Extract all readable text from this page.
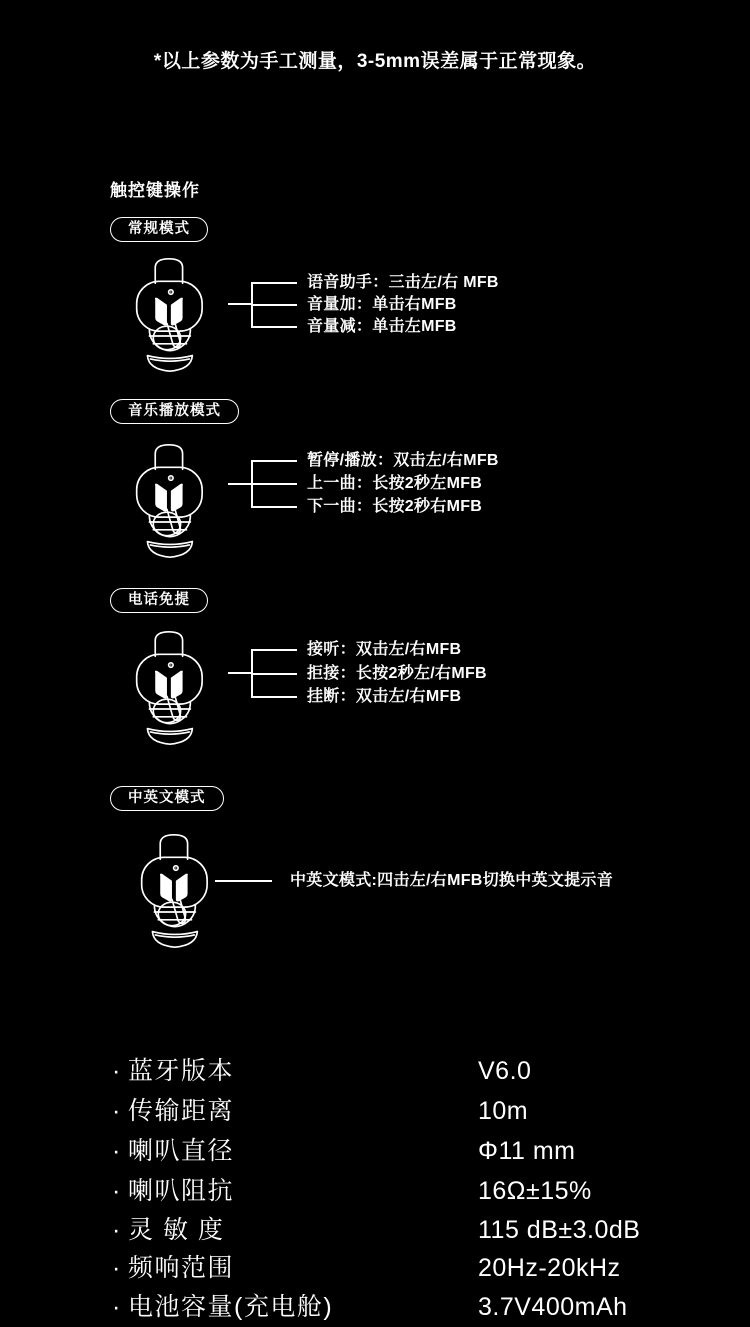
*以上参数为手工测量，3-5mm误差属于正常现象。
触控键操作
常规模式
语音助手：三击左/右 MFB
音量加：单击右MFB
音量减：单击左MFB
音乐播放模式
暂停/播放：双击左/右MFB
上一曲：长按2秒左MFB
下一曲：长按2秒右MFB
电话免提
接听：双击左/右MFB
拒接：长按2秒左/右MFB
挂断：双击左/右MFB
中英文模式
中英文模式:四击左/右MFB切换中英文提示音
· 蓝牙版本	V6.0
· 传输距离	10m
· 喇叭直径	Φ11 mm
· 喇叭阻抗	16Ω±15%
· 灵 敏 度	115 dB±3.0dB
· 频响范围	20Hz-20kHz
· 电池容量(充电舱)	3.7V400mAh
